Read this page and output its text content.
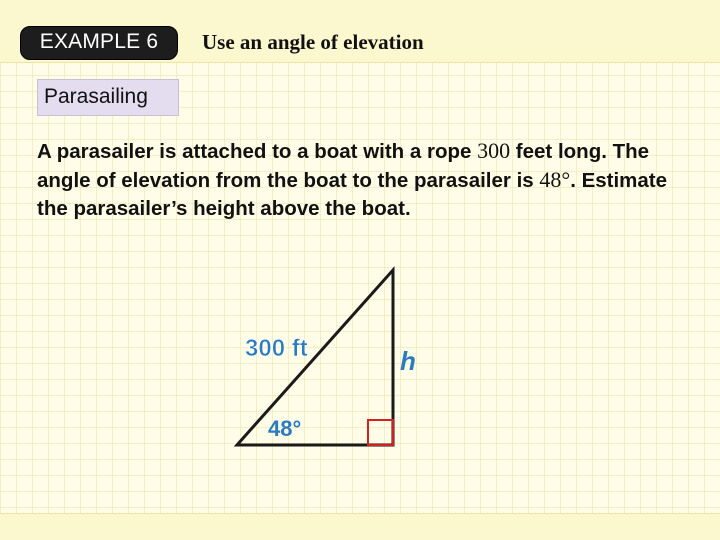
EXAMPLE 6	Use an angle of elevation
Parasailing
A parasailer is attached to a boat with a rope 300 feet long. The angle of elevation from the boat to the parasailer is 48°. Estimate the parasailer’s height above the boat.
300 ft	h
48°
